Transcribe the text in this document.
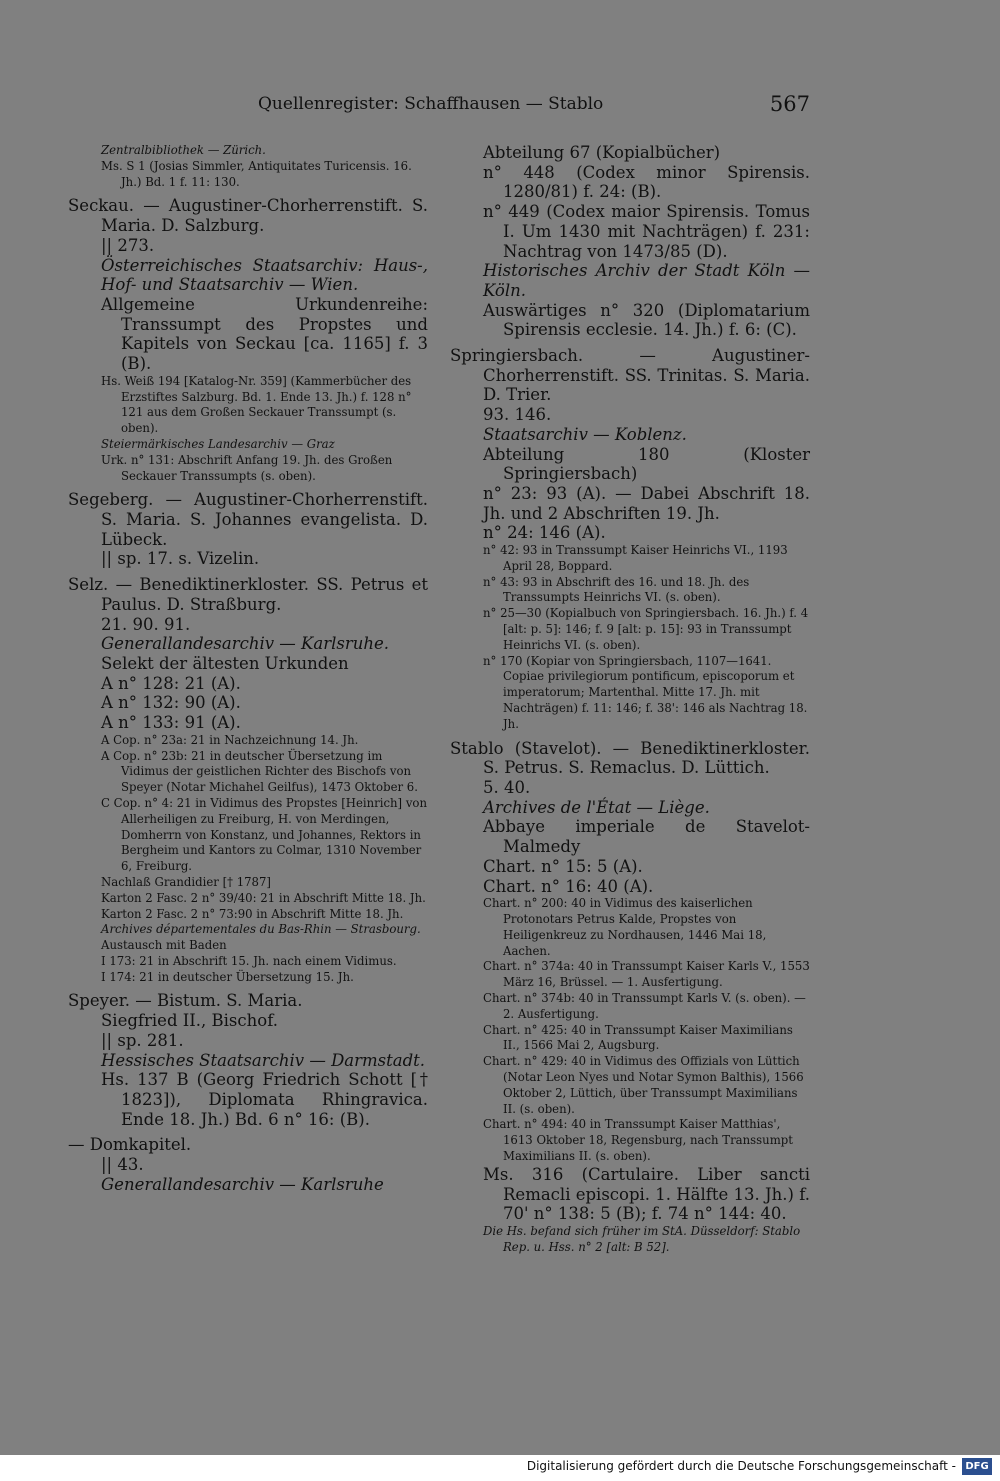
Quellenregister: Schaffhausen — Stablo	567

Zentralbibliothek — Zürich.

Ms. S 1 (Josias Simmler, Antiquitates Turicensis. 16. Jh.) Bd. 1 f. 11: 130.

Seckau. — Augustiner-Chorherrenstift. S. Maria. D. Salzburg.

|| 273.

Österreichisches Staatsarchiv: Haus-, Hof- und Staatsarchiv — Wien.

Allgemeine Urkundenreihe: Transsumpt des Propstes und Kapitels von Seckau [ca. 1165] f. 3 (B).

Hs. Weiß 194 [Katalog-Nr. 359] (Kammerbücher des Erzstiftes Salzburg. Bd. 1. Ende 13. Jh.) f. 128 n° 121 aus dem Großen Seckauer Transsumpt (s. oben).

Steiermärkisches Landesarchiv — Graz

Urk. n° 131: Abschrift Anfang 19. Jh. des Großen Seckauer Transsumpts (s. oben).

Segeberg. — Augustiner-Chorherrenstift. S. Maria. S. Johannes evangelista. D. Lübeck.

|| sp. 17. s. Vizelin.

Selz. — Benediktinerkloster. SS. Petrus et Paulus. D. Straßburg.

21. 90. 91.

Generallandesarchiv — Karlsruhe.

Selekt der ältesten Urkunden

A n° 128: 21 (A).

A n° 132: 90 (A).

A n° 133: 91 (A).

A Cop. n° 23a: 21 in Nachzeichnung 14. Jh.

A Cop. n° 23b: 21 in deutscher Übersetzung im Vidimus der geistlichen Richter des Bischofs von Speyer (Notar Michahel Geilfus), 1473 Oktober 6.

C Cop. n° 4: 21 in Vidimus des Propstes [Heinrich] von Allerheiligen zu Freiburg, H. von Merdingen, Domherrn von Konstanz, und Johannes, Rektors in Bergheim und Kantors zu Colmar, 1310 November 6, Freiburg.

Nachlaß Grandidier [† 1787]

Karton 2 Fasc. 2 n° 39/40: 21 in Abschrift Mitte 18. Jh.

Karton 2 Fasc. 2 n° 73:90 in Abschrift Mitte 18. Jh.

Archives départementales du Bas-Rhin — Strasbourg.

Austausch mit Baden

I 173: 21 in Abschrift 15. Jh. nach einem Vidimus.

I 174: 21 in deutscher Übersetzung 15. Jh.

Speyer. — Bistum. S. Maria.

Siegfried II., Bischof.

|| sp. 281.

Hessisches Staatsarchiv — Darmstadt.

Hs. 137 B (Georg Friedrich Schott [† 1823]), Diplomata Rhingravica. Ende 18. Jh.) Bd. 6 n° 16: (B).

— Domkapitel.

|| 43.

Generallandesarchiv — Karlsruhe

Abteilung 67 (Kopialbücher)

n° 448 (Codex minor Spirensis. 1280/81) f. 24: (B).

n° 449 (Codex maior Spirensis. Tomus I. Um 1430 mit Nachträgen) f. 231: Nachtrag von 1473/85 (D).

Historisches Archiv der Stadt Köln — Köln.

Auswärtiges n° 320 (Diplomatarium Spirensis ecclesie. 14. Jh.) f. 6: (C).

Springiersbach. — Augustiner-Chorherrenstift. SS. Trinitas. S. Maria. D. Trier.

93. 146.

Staatsarchiv — Koblenz.

Abteilung 180 (Kloster Springiersbach)

n° 23: 93 (A). — Dabei Abschrift 18. Jh. und 2 Abschriften 19. Jh.

n° 24: 146 (A).

n° 42: 93 in Transsumpt Kaiser Heinrichs VI., 1193 April 28, Boppard.

n° 43: 93 in Abschrift des 16. und 18. Jh. des Transsumpts Heinrichs VI. (s. oben).

n° 25—30 (Kopialbuch von Springiersbach. 16. Jh.) f. 4 [alt: p. 5]: 146; f. 9 [alt: p. 15]: 93 in Transsumpt Heinrichs VI. (s. oben).

n° 170 (Kopiar von Springiersbach, 1107—1641. Copiae privilegiorum pontificum, episcoporum et imperatorum; Martenthal. Mitte 17. Jh. mit Nachträgen) f. 11: 146; f. 38': 146 als Nachtrag 18. Jh.

Stablo (Stavelot). — Benediktinerkloster. S. Petrus. S. Remaclus. D. Lüttich.

5. 40.

Archives de l'État — Liège.

Abbaye imperiale de Stavelot-Malmedy

Chart. n° 15: 5 (A).

Chart. n° 16: 40 (A).

Chart. n° 200: 40 in Vidimus des kaiserlichen Protonotars Petrus Kalde, Propstes von Heiligenkreuz zu Nordhausen, 1446 Mai 18, Aachen.

Chart. n° 374a: 40 in Transsumpt Kaiser Karls V., 1553 März 16, Brüssel. — 1. Ausfertigung.

Chart. n° 374b: 40 in Transsumpt Karls V. (s. oben). — 2. Ausfertigung.

Chart. n° 425: 40 in Transsumpt Kaiser Maximilians II., 1566 Mai 2, Augsburg.

Chart. n° 429: 40 in Vidimus des Offizials von Lüttich (Notar Leon Nyes und Notar Symon Balthis), 1566 Oktober 2, Lüttich, über Transsumpt Maximilians II. (s. oben).

Chart. n° 494: 40 in Transsumpt Kaiser Matthias', 1613 Oktober 18, Regensburg, nach Transsumpt Maximilians II. (s. oben).

Ms. 316 (Cartulaire. Liber sancti Remacli episcopi. 1. Hälfte 13. Jh.) f. 70' n° 138: 5 (B); f. 74 n° 144: 40.

Die Hs. befand sich früher im StA. Düsseldorf: Stablo Rep. u. Hss. n° 2 [alt: B 52].

Digitalisierung gefördert durch die Deutsche Forschungsgemeinschaft - DFG
